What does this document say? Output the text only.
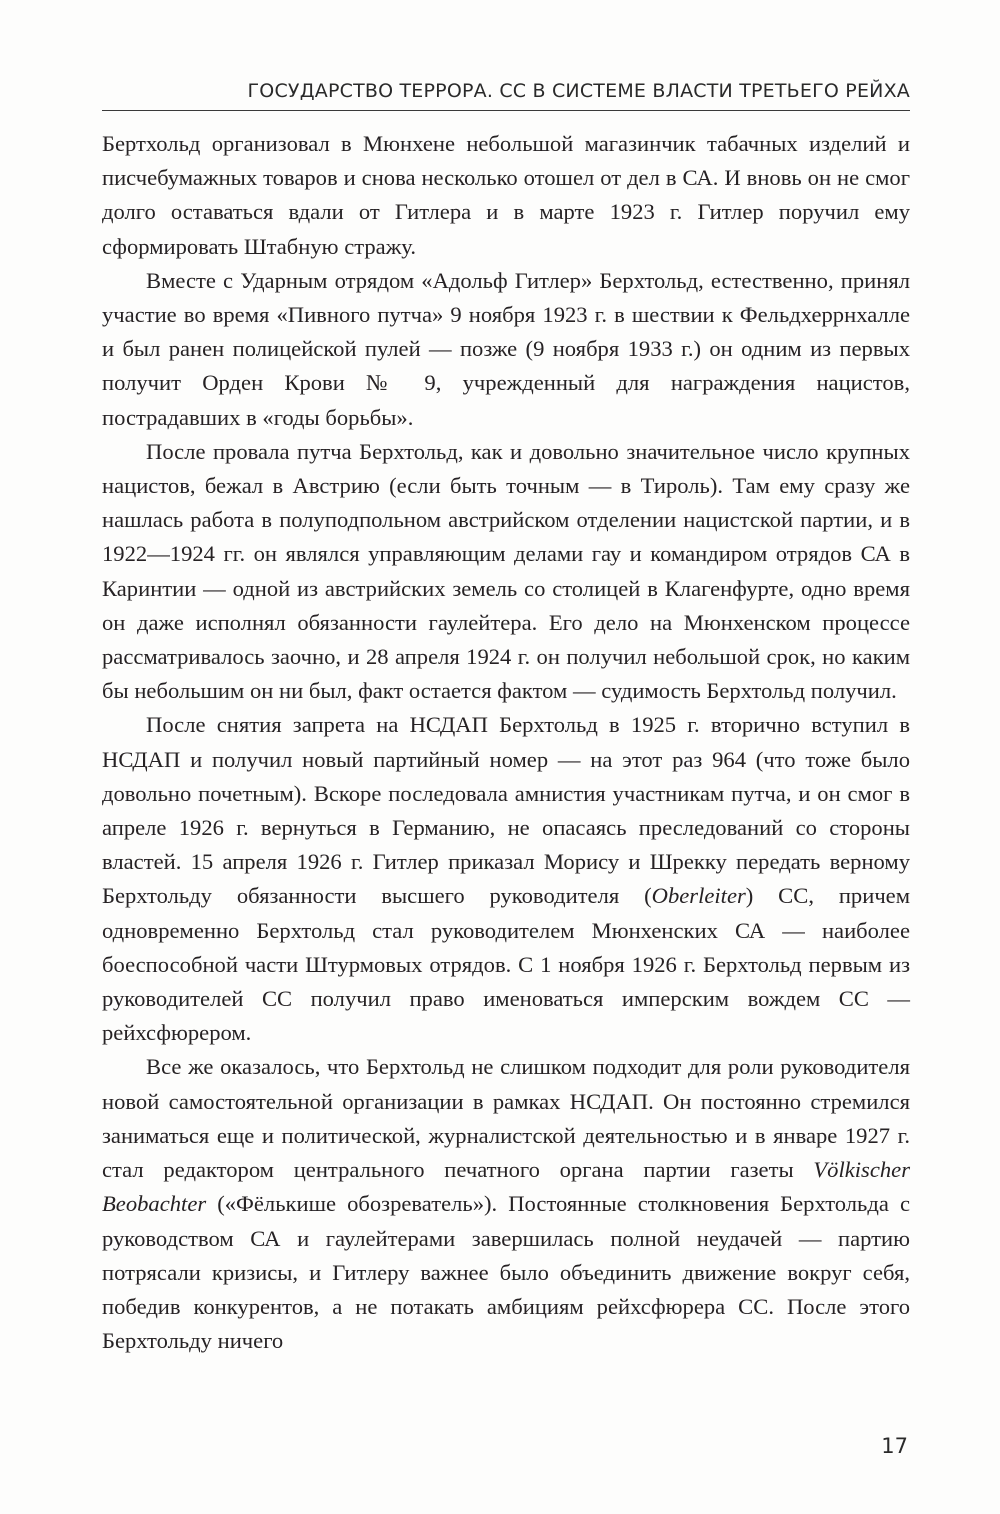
ГОСУДАРСТВО ТЕРРОРА. СС В СИСТЕМЕ ВЛАСТИ ТРЕТЬЕГО РЕЙХА

Бертхольд организовал в Мюнхене небольшой магазинчик табачных изделий и писчебумажных товаров и снова несколько отошел от дел в СА. И вновь он не смог долго оставаться вдали от Гитлера и в марте 1923 г. Гитлер поручил ему сформировать Штабную стражу.

Вместе с Ударным отрядом «Адольф Гитлер» Берхтольд, естественно, принял участие во время «Пивного путча» 9 ноября 1923 г. в шествии к Фельдхеррнхалле и был ранен полицейской пулей — позже (9 ноября 1933 г.) он одним из первых получит Орден Крови № 9, учрежденный для награждения нацистов, пострадавших в «годы борьбы».

После провала путча Берхтольд, как и довольно значительное число крупных нацистов, бежал в Австрию (если быть точным — в Тироль). Там ему сразу же нашлась работа в полуподпольном австрийском отделении нацистской партии, и в 1922—1924 гг. он являлся управляющим делами гау и командиром отрядов СА в Каринтии — одной из австрийских земель со столицей в Клагенфурте, одно время он даже исполнял обязанности гаулейтера. Его дело на Мюнхенском процессе рассматривалось заочно, и 28 апреля 1924 г. он получил небольшой срок, но каким бы небольшим он ни был, факт остается фактом — судимость Берхтольд получил.

После снятия запрета на НСДАП Берхтольд в 1925 г. вторично вступил в НСДАП и получил новый партийный номер — на этот раз 964 (что тоже было довольно почетным). Вскоре последовала амнистия участникам путча, и он смог в апреле 1926 г. вернуться в Германию, не опасаясь преследований со стороны властей. 15 апреля 1926 г. Гитлер приказал Морису и Шрекку передать верному Берхтольду обязанности высшего руководителя (Oberleiter) СС, причем одновременно Берхтольд стал руководителем Мюнхенских СА — наиболее боеспособной части Штурмовых отрядов. С 1 ноября 1926 г. Берхтольд первым из руководителей СС получил право именоваться имперским вождем СС — рейхсфюрером.

Все же оказалось, что Берхтольд не слишком подходит для роли руководителя новой самостоятельной организации в рамках НСДАП. Он постоянно стремился заниматься еще и политической, журналистской деятельностью и в январе 1927 г. стал редактором центрального печатного органа партии газеты Völkischer Beobachter («Фёлькише обозреватель»). Постоянные столкновения Берхтольда с руководством СА и гаулейтерами завершилась полной неудачей — партию потрясали кризисы, и Гитлеру важнее было объединить движение вокруг себя, победив конкурентов, а не потакать амбициям рейхсфюрера СС. После этого Берхтольду ничего

17
